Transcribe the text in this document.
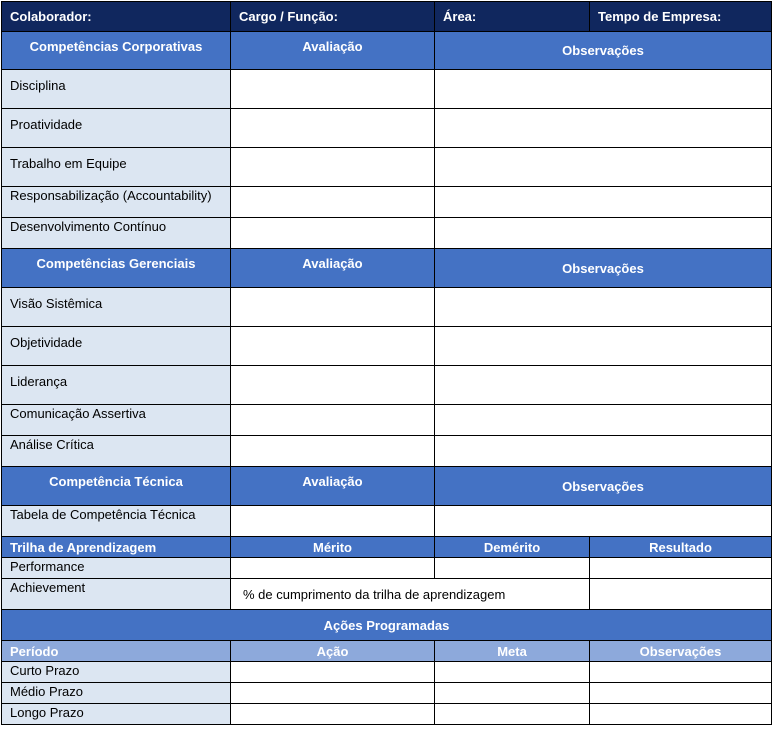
Colaborador:	Cargo / Função:	Área:	Tempo de Empresa:
Competências Corporativas	Avaliação	Observações	
Disciplina			
Proatividade			
Trabalho em Equipe			
Responsabilização (Accountability)			
Desenvolvimento Contínuo			
Competências Gerenciais	Avaliação	Observações	
Visão Sistêmica			
Objetividade			
Liderança			
Comunicação Assertiva			
Análise Crítica			
Competência Técnica	Avaliação	Observações	
Tabela de Competência Técnica			
Trilha de Aprendizagem	Mérito	Demérito	Resultado
Performance			
Achievement	% de cumprimento da trilha de aprendizagem		
Ações Programadas			
Período	Ação	Meta	Observações
Curto Prazo			
Médio Prazo			
Longo Prazo			
